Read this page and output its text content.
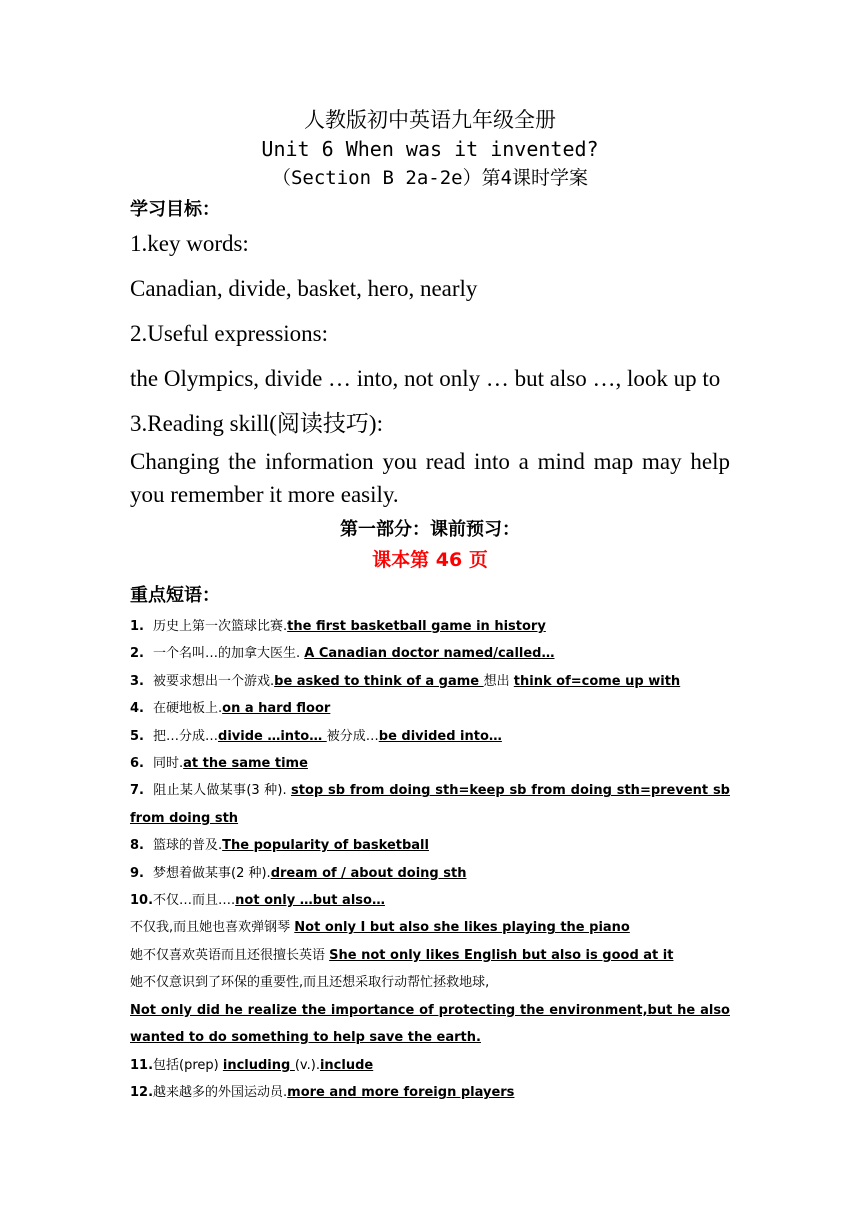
人教版初中英语九年级全册
Unit 6 When was it invented?
（Section B 2a-2e）第4课时学案
学习目标：
1.key words:
Canadian, divide, basket, hero, nearly
2.Useful expressions:
the Olympics, divide … into, not only … but also …, look up to
3.Reading skill(阅读技巧):
Changing the information you read into a mind map may help you remember it more easily.
第一部分：课前预习：
课本第 46 页
重点短语：
1. 历史上第一次篮球比赛.the first basketball game in history
2. 一个名叫…的加拿大医生. A Canadian doctor named/called…
3. 被要求想出一个游戏.be asked to think of a game 想出 think of=come up with
4. 在硬地板上.on a hard floor
5. 把…分成…divide …into… 被分成…be divided into…
6. 同时.at the same time
7. 阻止某人做某事(3 种). stop sb from doing sth=keep sb from doing sth=prevent sb from doing sth
8. 篮球的普及.The popularity of basketball
9. 梦想着做某事(2 种).dream of / about doing sth
10.不仅…而且….not only …but also…
不仅我,而且她也喜欢弹钢琴 Not only I but also she likes playing the piano
她不仅喜欢英语而且还很擅长英语 She not only likes English but also is good at it
她不仅意识到了环保的重要性,而且还想采取行动帮忙拯救地球,
Not only did he realize the importance of protecting the environment,but he also wanted to do something to help save the earth.
11.包括(prep) including (v.).include
12.越来越多的外国运动员.more and more foreign players
